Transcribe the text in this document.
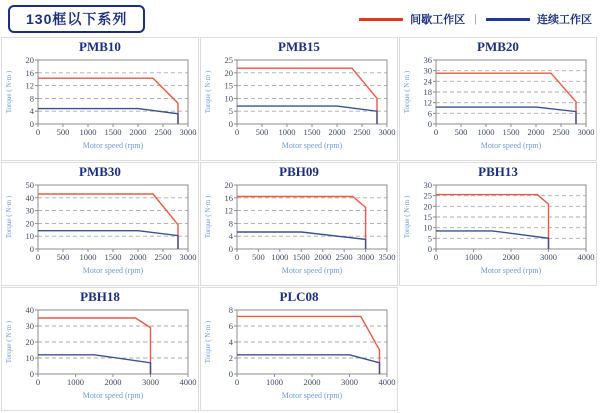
130框以下系列	间歇工作区 |	连续工作区
PMB10
0
4
8
12
16
20
0 500 1000 1500 2000 2500 3000
Motor speed (rpm)
Torque ( N·m )
PMB15
0
5
10
15
20
25
0 500 1000 1500 2000 2500 3000
Motor speed (rpm)
Torque ( N·m )
PMB20
0
6
12
18
24
30
36
0 500 1000 1500 2000 2500 3000
Motor speed (rpm)
Torque ( N·m )
PMB30
0
10
20
30
40
50
0 500 1000 1500 2000 2500 3000
Motor speed (rpm)
Torque ( N·m )
PBH09
0
4
8
12
16
20
0 500 1000 1500 2000 2500 3000 3500
Motor speed (rpm)
Torque ( N·m )
PBH13
0
5
10
15
20
25
30
0	1000 2000 3000 4000
Motor speed (rpm)
Torque ( N·m )
PBH18
0
10
20
30
40
0	1000 2000 3000 4000
Motor speed (rpm)
Torque ( N·m )
PLC08
0
2
4
6
8
0	1000 2000 3000 4000
Motor speed (rpm)
Torque ( N·m )
